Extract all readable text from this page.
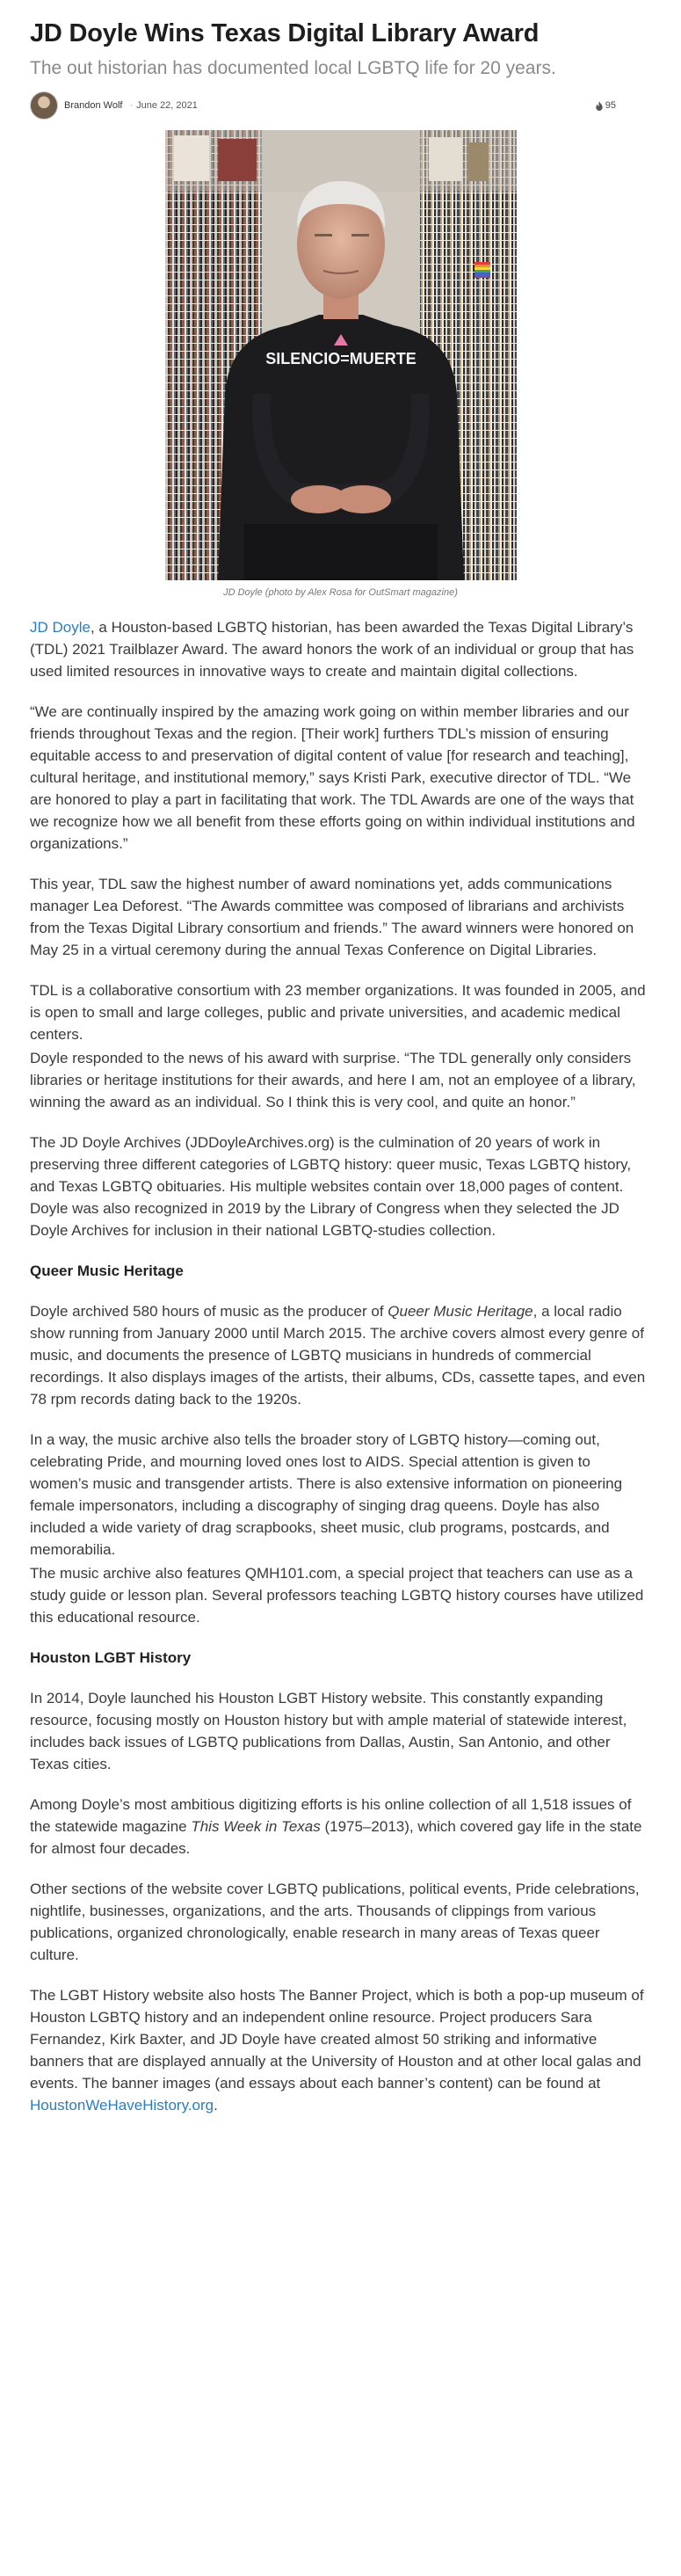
JD Doyle Wins Texas Digital Library Award
The out historian has documented local LGBTQ life for 20 years.
Brandon Wolf · June 22, 2021	95
SILENCIO=MUERTE
JD Doyle (photo by Alex Rosa for OutSmart magazine)

JD Doyle, a Houston-based LGBTQ historian, has been awarded the Texas Digital Library’s (TDL) 2021 Trailblazer Award. The award honors the work of an individual or group that has used limited resources in innovative ways to create and maintain digital collections.

“We are continually inspired by the amazing work going on within member libraries and our friends throughout Texas and the region. [Their work] furthers TDL’s mission of ensuring equitable access to and preservation of digital content of value [for research and teaching], cultural heritage, and institutional memory,” says Kristi Park, executive director of TDL. “We are honored to play a part in facilitating that work. The TDL Awards are one of the ways that we recognize how we all benefit from these efforts going on within individual institutions and organizations.”

This year, TDL saw the highest number of award nominations yet, adds communications manager Lea Deforest. “The Awards committee was composed of librarians and archivists from the Texas Digital Library consortium and friends.” The award winners were honored on May 25 in a virtual ceremony during the annual Texas Conference on Digital Libraries.

TDL is a collaborative consortium with 23 member organizations. It was founded in 2005, and is open to small and large colleges, public and private universities, and academic medical centers.

Doyle responded to the news of his award with surprise. “The TDL generally only considers libraries or heritage institutions for their awards, and here I am, not an employee of a library, winning the award as an individual. So I think this is very cool, and quite an honor.”

The JD Doyle Archives (JDDoyleArchives.org) is the culmination of 20 years of work in preserving three different categories of LGBTQ history: queer music, Texas LGBTQ history, and Texas LGBTQ obituaries. His multiple websites contain over 18,000 pages of content. Doyle was also recognized in 2019 by the Library of Congress when they selected the JD Doyle Archives for inclusion in their national LGBTQ-studies collection.

Queer Music Heritage

Doyle archived 580 hours of music as the producer of Queer Music Heritage, a local radio show running from January 2000 until March 2015. The archive covers almost every genre of music, and documents the presence of LGBTQ musicians in hundreds of commercial recordings. It also displays images of the artists, their albums, CDs, cassette tapes, and even 78 rpm records dating back to the 1920s.

In a way, the music archive also tells the broader story of LGBTQ history—coming out, celebrating Pride, and mourning loved ones lost to AIDS. Special attention is given to women’s music and transgender artists. There is also extensive information on pioneering female impersonators, including a discography of singing drag queens. Doyle has also included a wide variety of drag scrapbooks, sheet music, club programs, postcards, and memorabilia.

The music archive also features QMH101.com, a special project that teachers can use as a study guide or lesson plan. Several professors teaching LGBTQ history courses have utilized this educational resource.

Houston LGBT History

In 2014, Doyle launched his Houston LGBT History website. This constantly expanding resource, focusing mostly on Houston history but with ample material of statewide interest, includes back issues of LGBTQ publications from Dallas, Austin, San Antonio, and other Texas cities.

Among Doyle’s most ambitious digitizing efforts is his online collection of all 1,518 issues of the statewide magazine This Week in Texas (1975–2013), which covered gay life in the state for almost four decades.

Other sections of the website cover LGBTQ publications, political events, Pride celebrations, nightlife, businesses, organizations, and the arts. Thousands of clippings from various publications, organized chronologically, enable research in many areas of Texas queer culture.

The LGBT History website also hosts The Banner Project, which is both a pop-up museum of Houston LGBTQ history and an independent online resource. Project producers Sara Fernandez, Kirk Baxter, and JD Doyle have created almost 50 striking and informative banners that are displayed annually at the University of Houston and at other local galas and events. The banner images (and essays about each banner’s content) can be found at HoustonWeHaveHistory.org.
